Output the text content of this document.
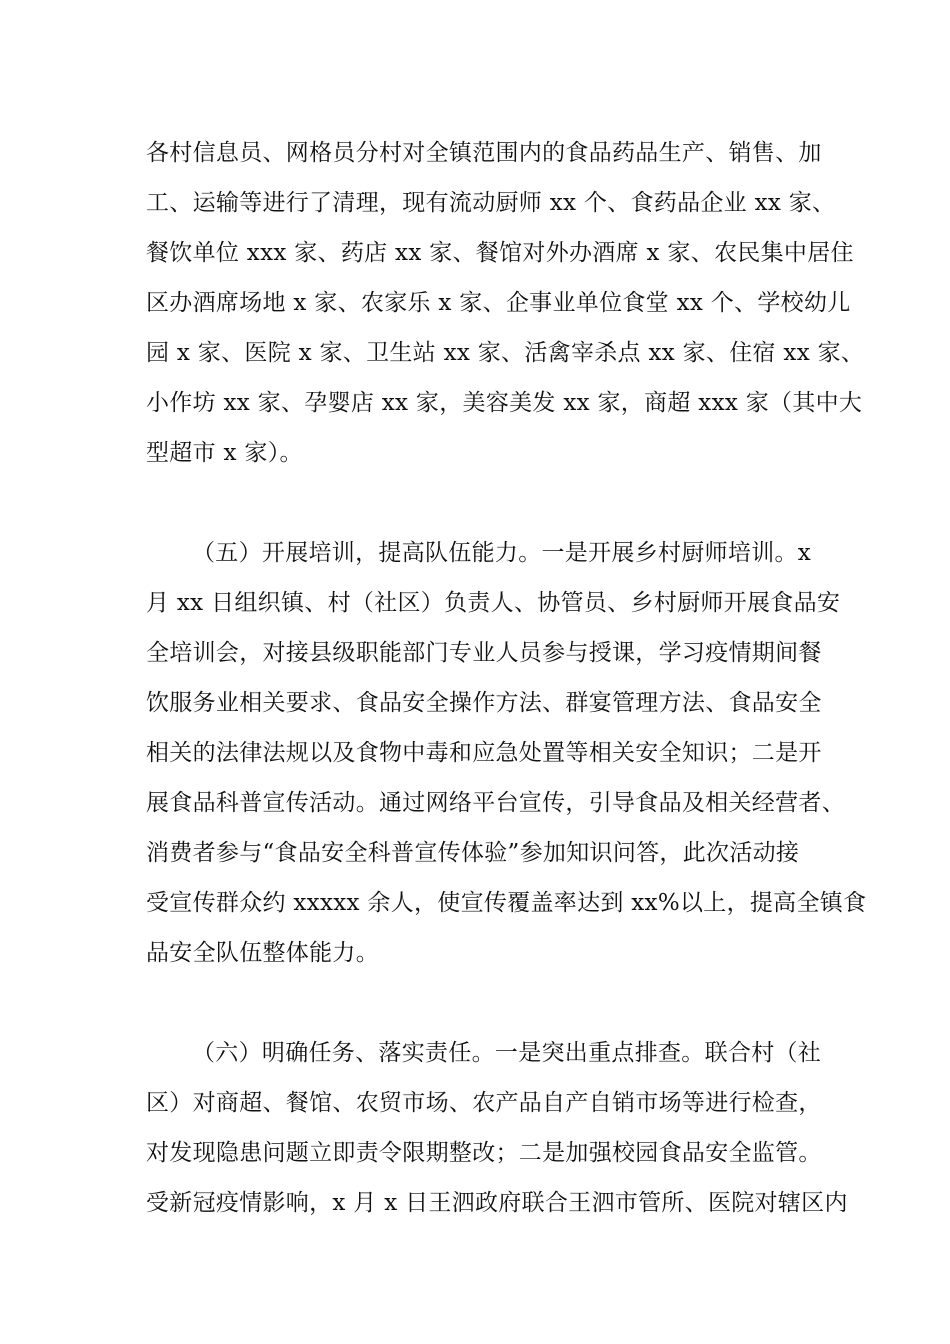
各村信息员、网格员分村对全镇范围内的食品药品生产、销售、加
工、运输等进行了清理，现有流动厨师 xx 个、食药品企业 xx 家、
餐饮单位 xxx 家、药店 xx 家、餐馆对外办酒席 x 家、农民集中居住
区办酒席场地 x 家、农家乐 x 家、企事业单位食堂 xx 个、学校幼儿
园 x 家、医院 x 家、卫生站 xx 家、活禽宰杀点 xx 家、住宿 xx 家、
小作坊 xx 家、孕婴店 xx 家，美容美发 xx 家，商超 xxx 家（其中大
型超市 x 家）。
（五）开展培训，提高队伍能力。一是开展乡村厨师培训。x
月 xx 日组织镇、村（社区）负责人、协管员、乡村厨师开展食品安
全培训会，对接县级职能部门专业人员参与授课，学习疫情期间餐
饮服务业相关要求、食品安全操作方法、群宴管理方法、食品安全
相关的法律法规以及食物中毒和应急处置等相关安全知识；二是开
展食品科普宣传活动。通过网络平台宣传，引导食品及相关经营者、
消费者参与“食品安全科普宣传体验”参加知识问答，此次活动接
受宣传群众约 xxxxx 余人，使宣传覆盖率达到 xx%以上，提高全镇食
品安全队伍整体能力。
（六）明确任务、落实责任。一是突出重点排查。联合村（社
区）对商超、餐馆、农贸市场、农产品自产自销市场等进行检查，
对发现隐患问题立即责令限期整改；二是加强校园食品安全监管。
受新冠疫情影响，x 月 x 日王泗政府联合王泗市管所、医院对辖区内
